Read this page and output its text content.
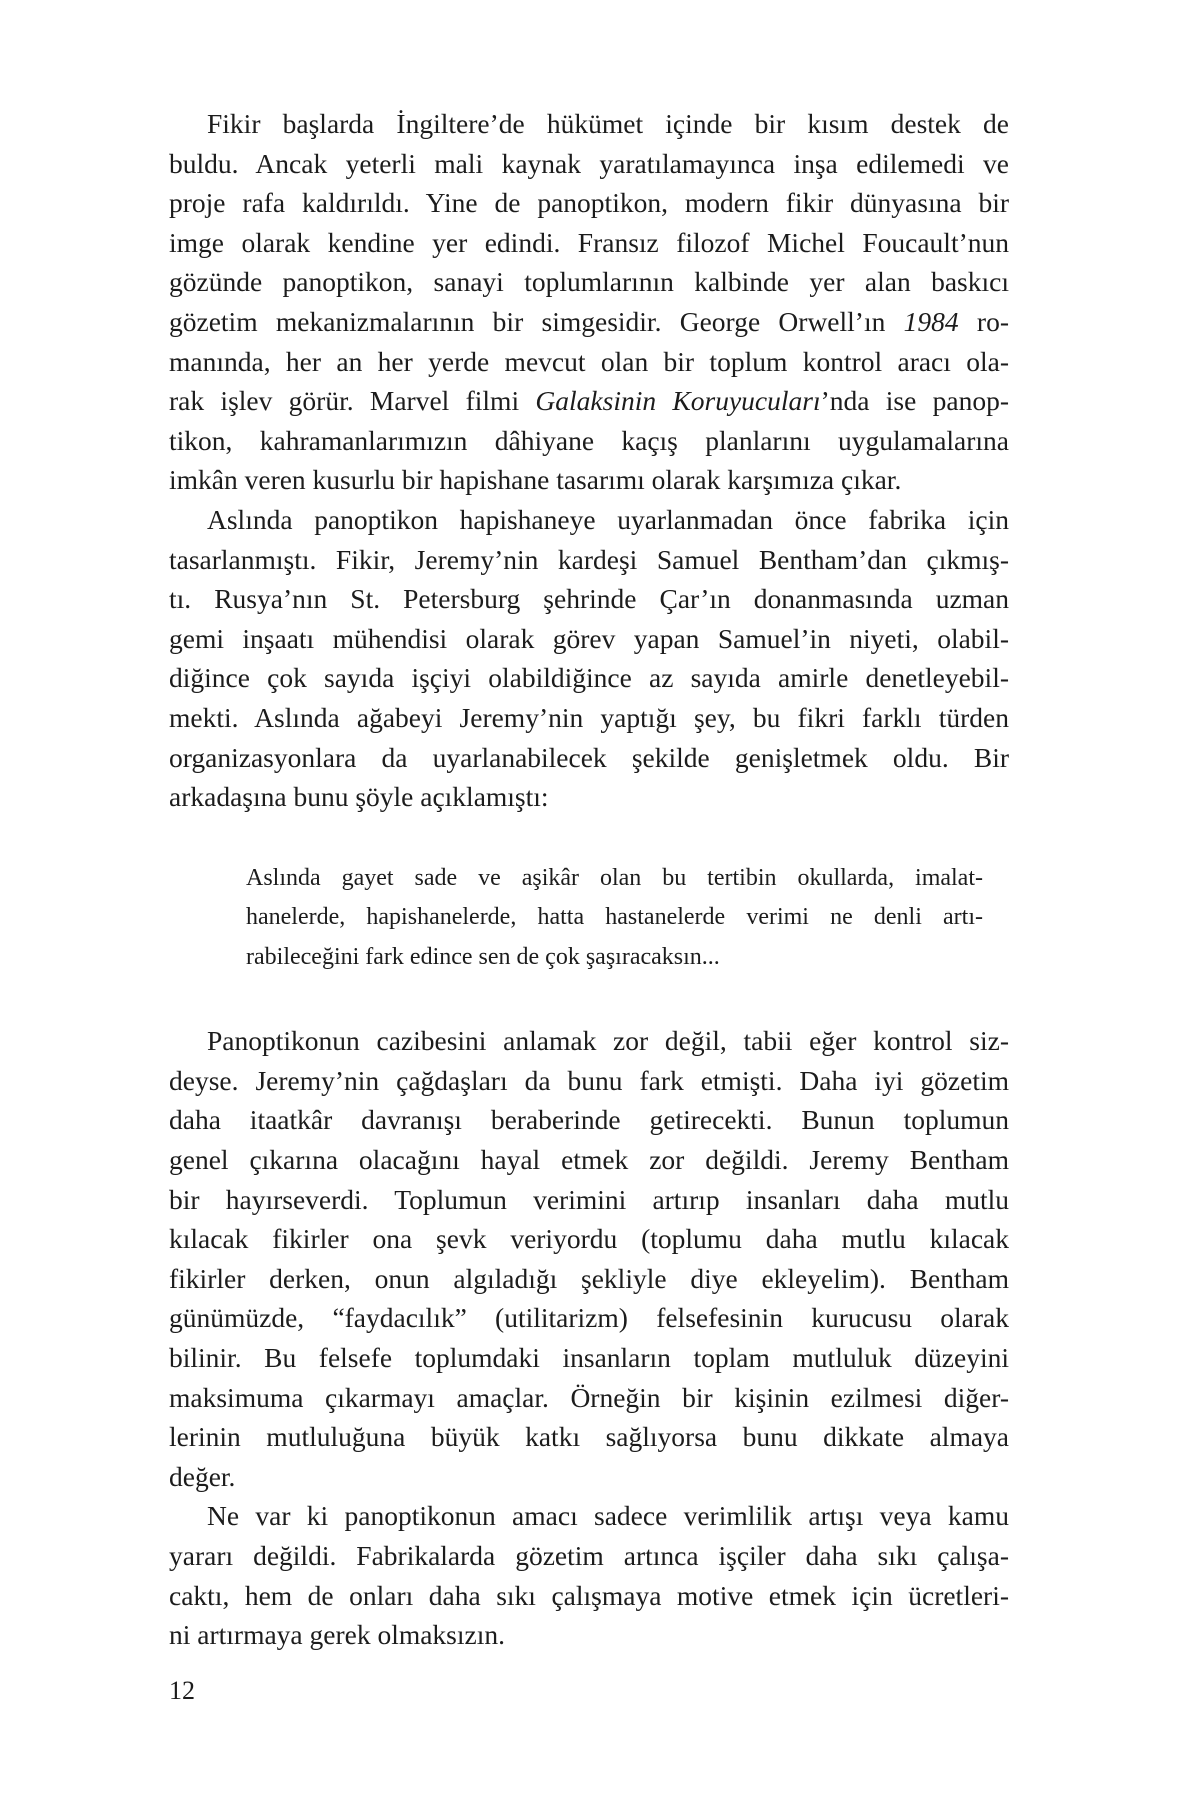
Fikir başlarda İngiltere’de hükümet içinde bir kısım destek de
buldu. Ancak yeterli mali kaynak yaratılamayınca inşa edilemedi ve
proje rafa kaldırıldı. Yine de panoptikon, modern fikir dünyasına bir
imge olarak kendine yer edindi. Fransız filozof Michel Foucault’nun
gözünde panoptikon, sanayi toplumlarının kalbinde yer alan baskıcı
gözetim mekanizmalarının bir simgesidir. George Orwell’ın 1984 ro-
manında, her an her yerde mevcut olan bir toplum kontrol aracı ola-
rak işlev görür. Marvel filmi Galaksinin Koruyucuları’nda ise panop-
tikon, kahramanlarımızın dâhiyane kaçış planlarını uygulamalarına
imkân veren kusurlu bir hapishane tasarımı olarak karşımıza çıkar.
Aslında panoptikon hapishaneye uyarlanmadan önce fabrika için
tasarlanmıştı. Fikir, Jeremy’nin kardeşi Samuel Bentham’dan çıkmış-
tı. Rusya’nın St. Petersburg şehrinde Çar’ın donanmasında uzman
gemi inşaatı mühendisi olarak görev yapan Samuel’in niyeti, olabil-
diğince çok sayıda işçiyi olabildiğince az sayıda amirle denetleyebil-
mekti. Aslında ağabeyi Jeremy’nin yaptığı şey, bu fikri farklı türden
organizasyonlara da uyarlanabilecek şekilde genişletmek oldu. Bir
arkadaşına bunu şöyle açıklamıştı:
Aslında gayet sade ve aşikâr olan bu tertibin okullarda, imalat-
hanelerde, hapishanelerde, hatta hastanelerde verimi ne denli artı-
rabileceğini fark edince sen de çok şaşıracaksın...
Panoptikonun cazibesini anlamak zor değil, tabii eğer kontrol siz-
deyse. Jeremy’nin çağdaşları da bunu fark etmişti. Daha iyi gözetim
daha itaatkâr davranışı beraberinde getirecekti. Bunun toplumun
genel çıkarına olacağını hayal etmek zor değildi. Jeremy Bentham
bir hayırseverdi. Toplumun verimini artırıp insanları daha mutlu
kılacak fikirler ona şevk veriyordu (toplumu daha mutlu kılacak
fikirler derken, onun algıladığı şekliyle diye ekleyelim). Bentham
günümüzde, “faydacılık” (utilitarizm) felsefesinin kurucusu olarak
bilinir. Bu felsefe toplumdaki insanların toplam mutluluk düzeyini
maksimuma çıkarmayı amaçlar. Örneğin bir kişinin ezilmesi diğer-
lerinin mutluluğuna büyük katkı sağlıyorsa bunu dikkate almaya
değer.
Ne var ki panoptikonun amacı sadece verimlilik artışı veya kamu
yararı değildi. Fabrikalarda gözetim artınca işçiler daha sıkı çalışa-
caktı, hem de onları daha sıkı çalışmaya motive etmek için ücretleri-
ni artırmaya gerek olmaksızın.
12
